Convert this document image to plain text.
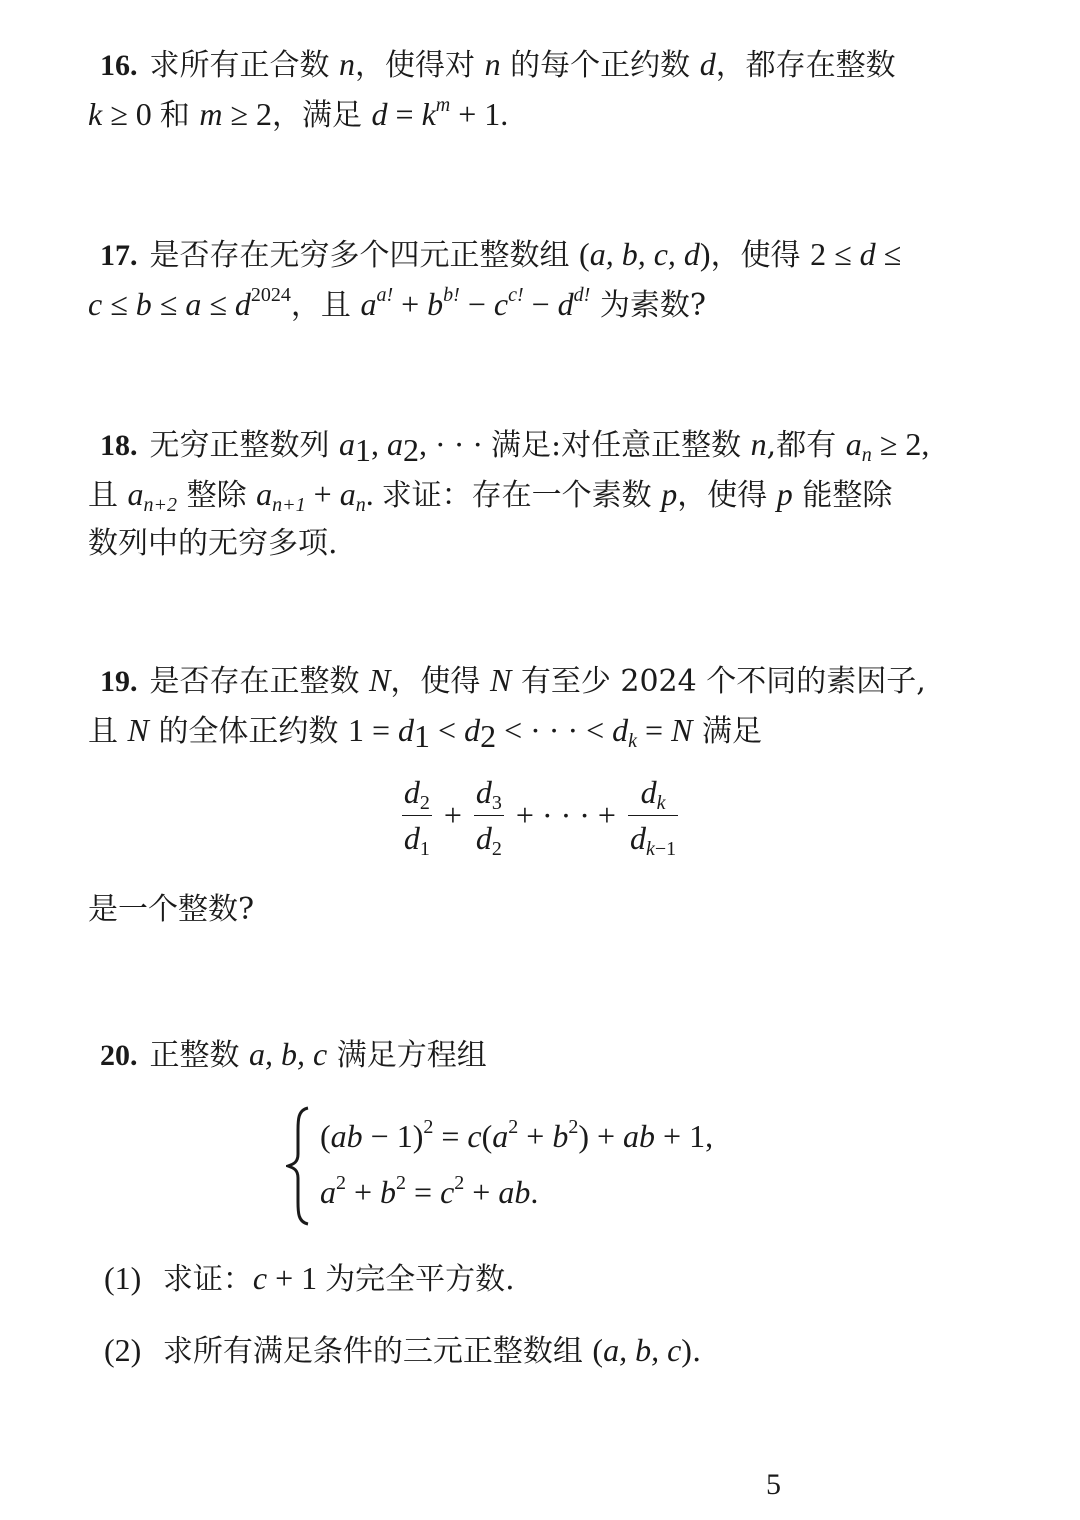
16. 求所有正合数 n，使得对 n 的每个正约数 d，都存在整数
k ≥ 0 和 m ≥ 2，满足 $d = k^m + 1$.
17. 是否存在无穷多个四元正整数组 (a, b, c, d)，使得 2 ≤ d ≤
$c \le b \le a \le d^{2024}$，且 $a^{a!} + b^{b!} - c^{c!} - d^{d!}$ 为素数?
18. 无穷正整数列 $a_1$, $a_2$, · · · 满足:对任意正整数 n,都有 $a_n \ge 2$,
且 $a_{n+2}$ 整除 $a_{n+1} + a_n$. 求证：存在一个素数 p，使得 p 能整除
数列中的无穷多项.
19. 是否存在正整数 N，使得 N 有至少 2024 个不同的素因子,
且 N 的全体正约数 $1 = d_1 < d_2$ < · · · < $d_k = N$ 满足
$\frac{d_2}{d_1} + \frac{d_3}{d_2}$ + · · · + $\frac{d_k}{d_{k-1}}$
是一个整数?
20. 正整数 a, b, c 满足方程组
$(ab - 1)^2 = c(a^2 + b^2)$ + ab + 1,
$a^2 + b^2 = c^2$ + ab.
(1) 求证：c + 1 为完全平方数.
(2) 求所有满足条件的三元正整数组 (a, b, c).
5
